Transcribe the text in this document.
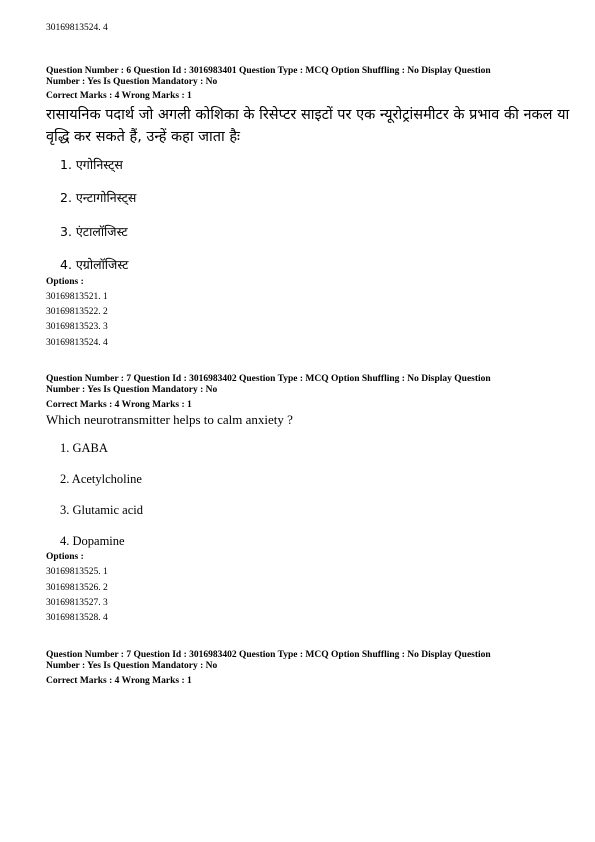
30169813524. 4
Question Number : 6 Question Id : 3016983401 Question Type : MCQ Option Shuffling : No Display Question
Number : Yes Is Question Mandatory : No
Correct Marks : 4 Wrong Marks : 1
रासायनिक पदार्थ जो अगली कोशिका के रिसेप्टर साइटों पर एक न्यूरोट्रांसमीटर के प्रभाव की नकल या
वृद्धि कर सकते हैं, उन्हें कहा जाता हैः
1. एगोनिस्ट्स
2. एन्टागोनिस्ट्स
3. एंटालॉजिस्ट
4. एग्रोलॉजिस्ट
Options :
30169813521. 1
30169813522. 2
30169813523. 3
30169813524. 4
Question Number : 7 Question Id : 3016983402 Question Type : MCQ Option Shuffling : No Display Question
Number : Yes Is Question Mandatory : No
Correct Marks : 4 Wrong Marks : 1
Which neurotransmitter helps to calm anxiety ?
1. GABA
2. Acetylcholine
3. Glutamic acid
4. Dopamine
Options :
30169813525. 1
30169813526. 2
30169813527. 3
30169813528. 4
Question Number : 7 Question Id : 3016983402 Question Type : MCQ Option Shuffling : No Display Question
Number : Yes Is Question Mandatory : No
Correct Marks : 4 Wrong Marks : 1
